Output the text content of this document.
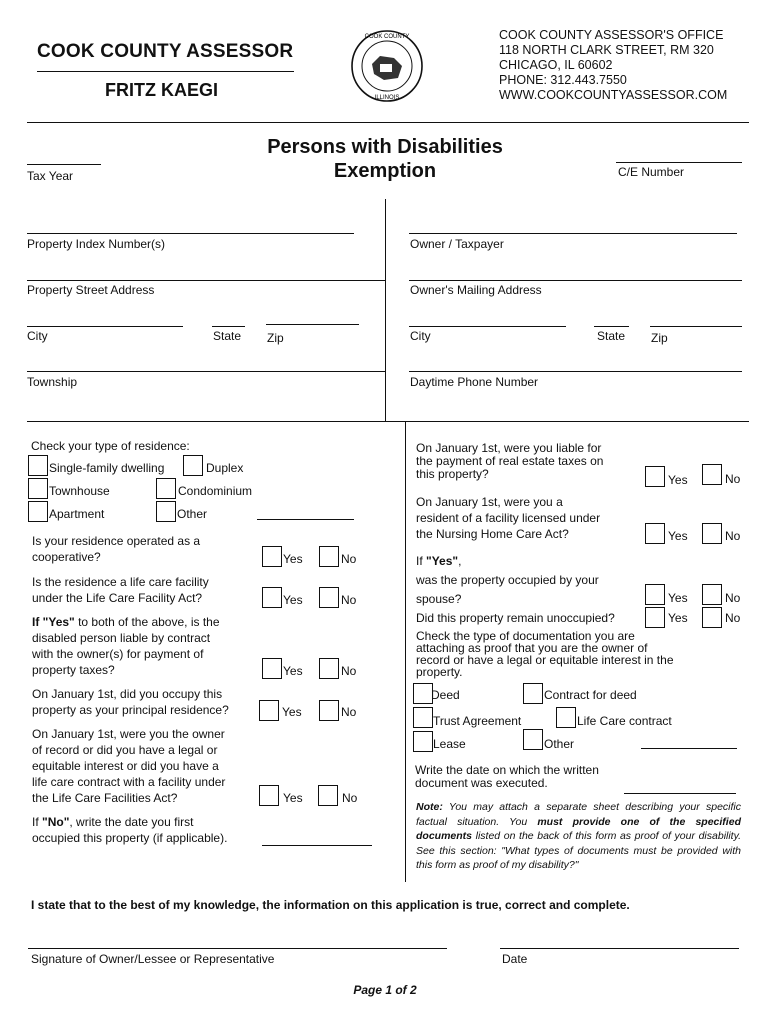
COOK COUNTY ASSESSOR
FRITZ KAEGI
COOK COUNTY
ILLINOIS
COOK COUNTY ASSESSOR'S OFFICE
118 NORTH CLARK STREET, RM 320
CHICAGO, IL 60602
PHONE: 312.443.7550
WWW.COOKCOUNTYASSESSOR.COM
Persons with Disabilities
Exemption
Tax Year	C/E Number
Property Index Number(s)	Owner / Taxpayer
Property Street Address	Owner's Mailing Address
City	State Zip	City	State Zip
Township	Daytime Phone Number
Check your type of residence:
Single-family dwelling	Duplex
Townhouse	Condominium
Apartment	Other
Is your residence operated as a
cooperative?	Yes	No
Is the residence a life care facility
under the Life Care Facility Act?	Yes	No
If "Yes" to both of the above, is the
disabled person liable by contract
with the owner(s) for payment of
property taxes?	Yes	No
On January 1st, did you occupy this
property as your principal residence?	Yes	No
On January 1st, were you the owner
of record or did you have a legal or
equitable interest or did you have a
life care contract with a facility under
the Life Care Facilities Act?	Yes	No
If "No", write the date you first
occupied this property (if applicable).
On January 1st, were you liable for
the payment of real estate taxes on
this property?	Yes	No
On January 1st, were you a
resident of a facility licensed under
the Nursing Home Care Act?	Yes	No
If "Yes",
was the property occupied by your
spouse?	Yes	No
Did this property remain unoccupied?	Yes	No
Check the type of documentation you are
attaching as proof that you are the owner of
record or have a legal or equitable interest in the
property.
Deed	Contract for deed
Trust Agreement	Life Care contract
Lease	Other
Write the date on which the written
document was executed.
Note: You may attach a separate sheet describing your specific factual situation. You must provide one of the specified documents listed on the back of this form as proof of your disability. See this section: "What types of documents must be provided with this form as proof of my disability?"
I state that to the best of my knowledge, the information on this application is true, correct and complete.
Signature of Owner/Lessee or Representative	Date
Page 1 of 2
